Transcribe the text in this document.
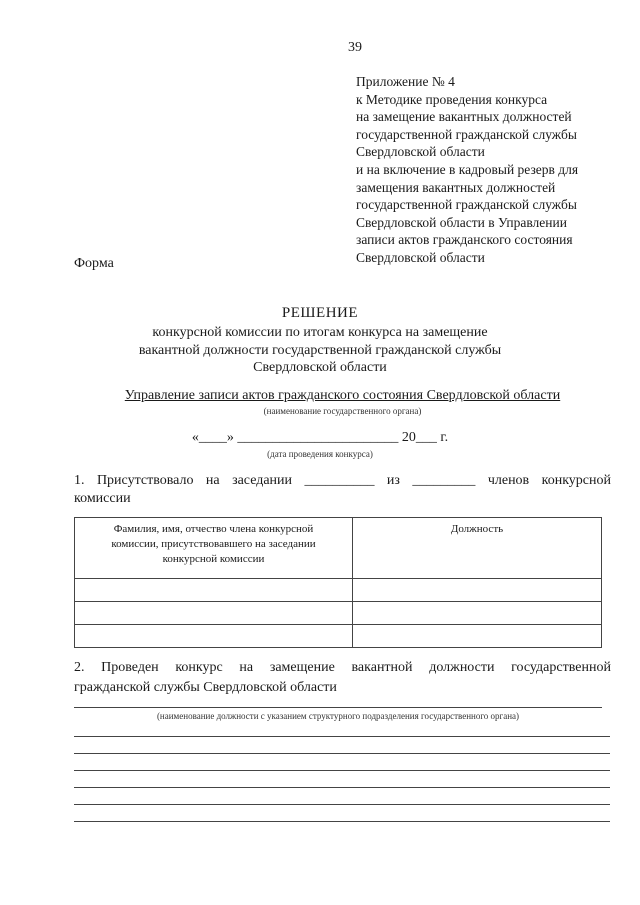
39
Приложение № 4
к Методике проведения конкурса
на замещение вакантных должностей
государственной гражданской службы
Свердловской области
и на включение в кадровый резерв для
замещения вакантных должностей
государственной гражданской службы
Свердловской области в Управлении
записи актов гражданского состояния
Свердловской области
Форма
РЕШЕНИЕ
конкурсной комиссии по итогам конкурса на замещение
вакантной должности государственной гражданской службы
Свердловской области
Управление записи актов гражданского состояния Свердловской области
(наименование государственного органа)
«____» _______________________ 20___ г.
(дата проведения конкурса)
1. Присутствовало на заседании __________ из _________ членов конкурсной
комиссии
Фамилия, имя, отчество члена конкурсной комиссии, присутствовавшего на заседании конкурсной комиссии	Должность

2. Проведен конкурс на замещение вакантной должности государственной
гражданской службы Свердловской области
(наименование должности с указанием структурного подразделения государственного органа)
